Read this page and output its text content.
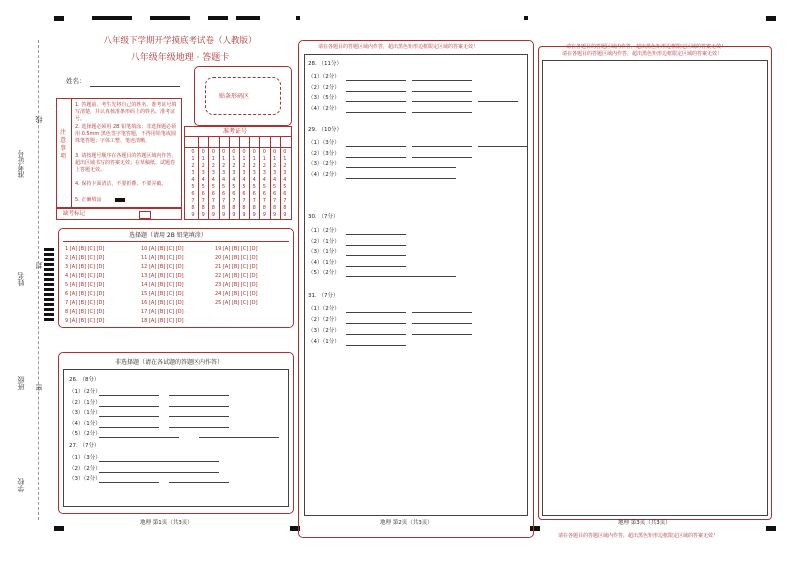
准考证号
姓名
班级
学校
线
封
密
八年级下学期开学摸底考试卷（人教版）
八年级年级地理 · 答题卡
姓名：
贴条形码区
注意事项
1. 答题前，考生先将自己的姓名、准考证号填写清楚，并认真核准条形码上的姓名、准考证号。
2. 选择题必须用 2B 铅笔填涂；非选择题必须用 0.5mm 黑色签字笔答题，不得用铅笔或圆珠笔答题；字体工整、笔迹清晰。
3. 请按题号顺序在各题目的答题区域内作答，超出区域书写的答案无效；在草稿纸、试题卷上答题无效。
4. 保持卡面清洁，不要折叠、不要弄破。
5. 正确填涂
缺考标记
准考证号
0
1
2
3
4
5
6
7
8
9
0
1
2
3
4
5
6
7
8
9
0
1
2
3
4
5
6
7
8
9
0
1
2
3
4
5
6
7
8
9
0
1
2
3
4
5
6
7
8
9
0
1
2
3
4
5
6
7
8
9
0
1
2
3
4
5
6
7
8
9
0
1
2
3
4
5
6
7
8
9
0
1
2
3
4
5
6
7
8
9
0
1
2
3
4
5
6
7
8
9
选择题（请用 2B 铅笔填涂）
1 [A] [B] [C] [D]
2 [A] [B] [C] [D]
3 [A] [B] [C] [D]
4 [A] [B] [C] [D]
5 [A] [B] [C] [D]
6 [A] [B] [C] [D]
7 [A] [B] [C] [D]
8 [A] [B] [C] [D]
9 [A] [B] [C] [D]
10 [A] [B] [C] [D]
11 [A] [B] [C] [D]
12 [A] [B] [C] [D]
13 [A] [B] [C] [D]
14 [A] [B] [C] [D]
15 [A] [B] [C] [D]
16 [A] [B] [C] [D]
17 [A] [B] [C] [D]
18 [A] [B] [C] [D]
19 [A] [B] [C] [D]
20 [A] [B] [C] [D]
21 [A] [B] [C] [D]
22 [A] [B] [C] [D]
23 [A] [B] [C] [D]
24 [A] [B] [C] [D]
25 [A] [B] [C] [D]
非选择题（请在各试题的答题区内作答）
26. （8分）
（1）（2分）
（2）（1分）
（3）（1分）
（4）（1分）
（5）（2分）
27. （7分）
（1）（3分）
（2）（2分）
（3）（2分）
地理 第1页（共3页）
请在各题目的答题区域内作答，超出黑色矩形边框限定区域的答案无效！
28. （11分）
（1）（2分）
（2）（2分）
（3）（5分）
（4）（2分）
29. （10分）
（1）（3分）
（2）（3分）
（3）（2分）
（4）（2分）
30. （7分）
（1）（2分）
（2）（1分）
（3）（1分）
（4）（1分）
（5）（2分）
31. （7分）
（1）（2分）
（2）（2分）
（3）（2分）
（4）（1分）
地理 第2页（共3页）
请在各题目的答题区域内作答，超出黑色矩形边框限定区域的答案无效！
请在各题目的答题区域内作答，超出黑色矩形边框限定区域的答案无效！
地理 第3页（共3页）
请在各题目的答题区域内作答，超出黑色矩形边框限定区域的答案无效！
